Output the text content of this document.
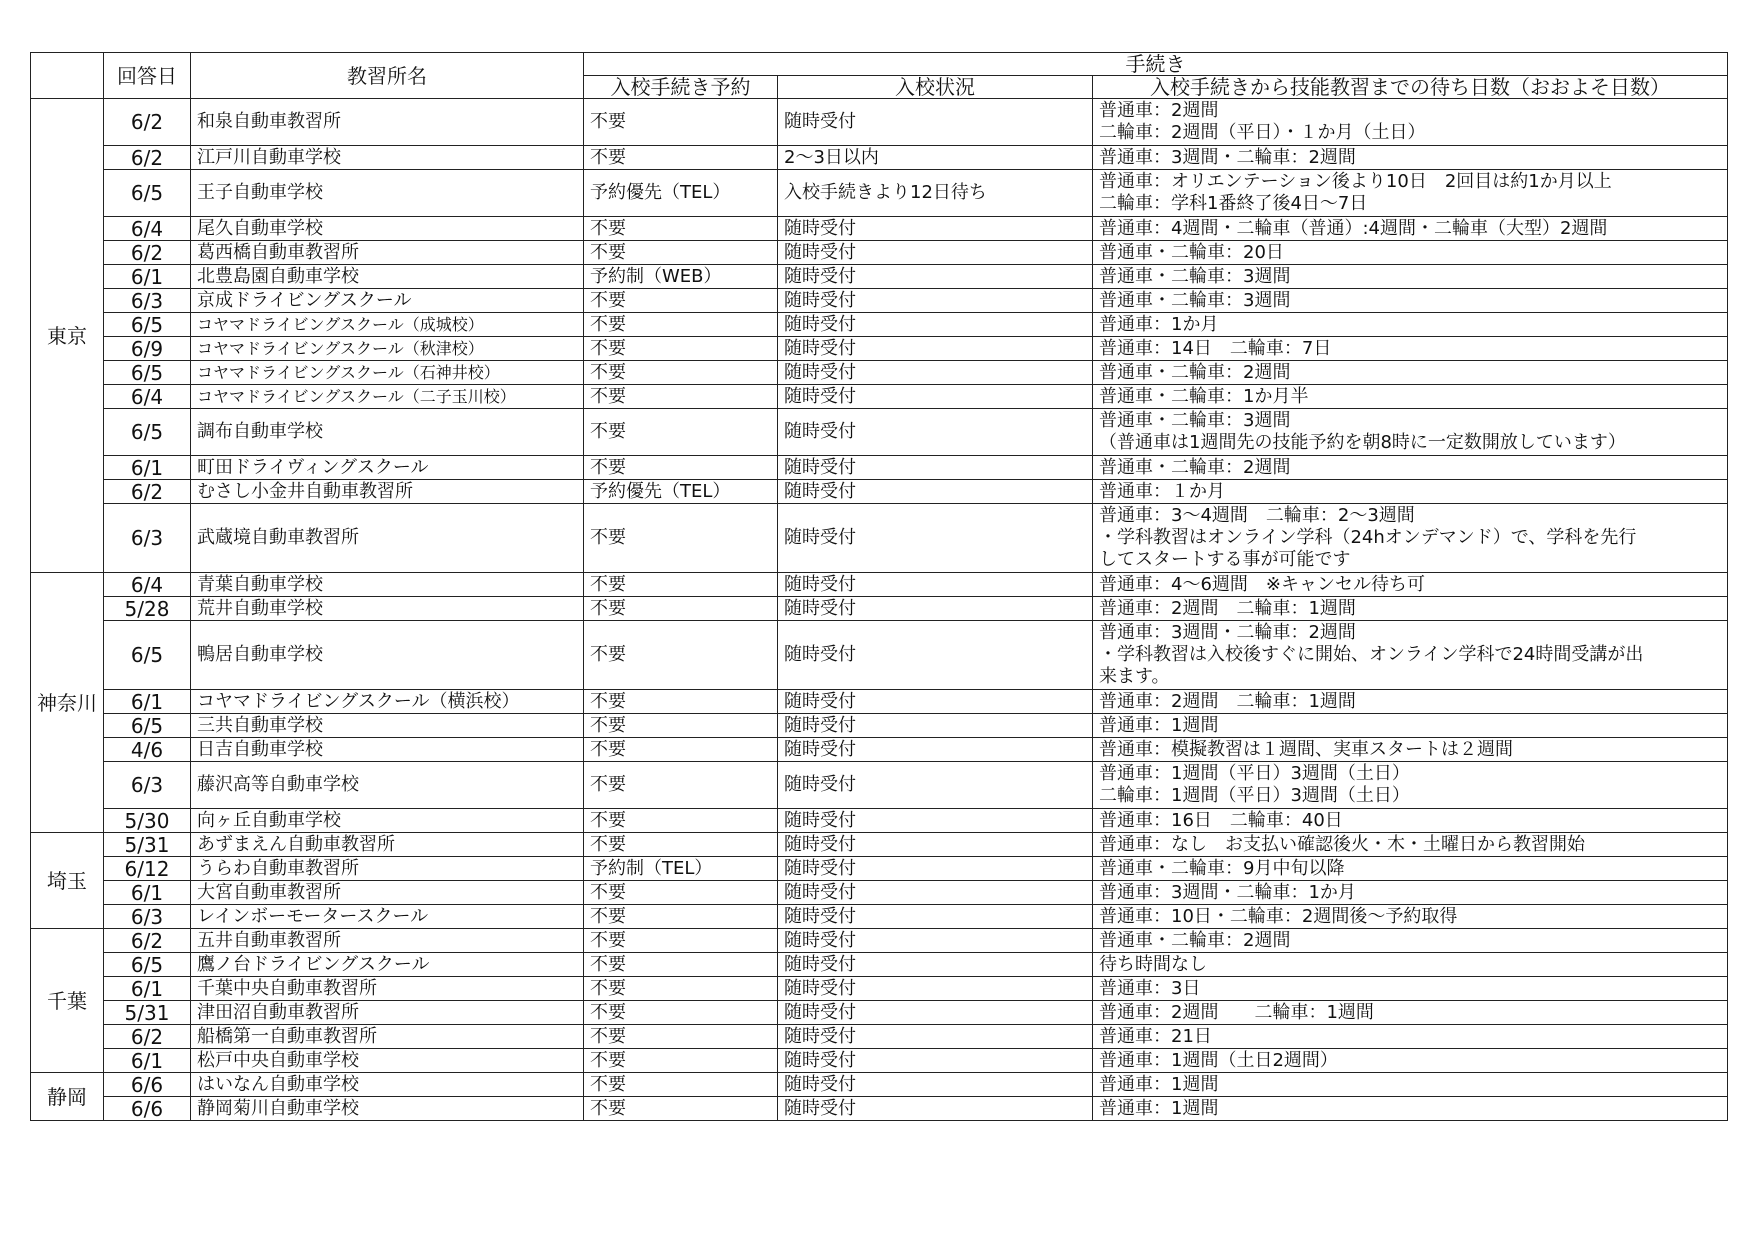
	回答日	教習所名	手続き		
			入校手続き予約	入校状況	入校手続きから技能教習までの待ち日数（おおよそ日数）
東京	6/2	和泉自動車教習所	不要	随時受付	普通車：2週間
二輪車：2週間（平日）・１か月（土日）
	6/2	江戸川自動車学校	不要	2～3日以内	普通車：3週間・二輪車：2週間
	6/5	王子自動車学校	予約優先（TEL）	入校手続きより12日待ち	普通車：オリエンテーション後より10日　2回目は約1か月以上
二輪車：学科1番終了後4日～7日
	6/4	尾久自動車学校	不要	随時受付	普通車：4週間・二輪車（普通）:4週間・二輪車（大型）2週間
	6/2	葛西橋自動車教習所	不要	随時受付	普通車・二輪車：20日
	6/1	北豊島園自動車学校	予約制（WEB）	随時受付	普通車・二輪車：3週間
	6/3	京成ドライビングスクール	不要	随時受付	普通車・二輪車：3週間
	6/5	コヤマドライビングスクール（成城校）	不要	随時受付	普通車：1か月
	6/9	コヤマドライビングスクール（秋津校）	不要	随時受付	普通車：14日　二輪車：7日
	6/5	コヤマドライビングスクール（石神井校）	不要	随時受付	普通車・二輪車：2週間
	6/4	コヤマドライビングスクール（二子玉川校）	不要	随時受付	普通車・二輪車：1か月半
	6/5	調布自動車学校	不要	随時受付	普通車・二輪車：3週間
（普通車は1週間先の技能予約を朝8時に一定数開放しています）
	6/1	町田ドライヴィングスクール	不要	随時受付	普通車・二輪車：2週間
	6/2	むさし小金井自動車教習所	予約優先（TEL）	随時受付	普通車：１か月
	6/3	武蔵境自動車教習所	不要	随時受付	普通車：3～4週間　二輪車：2～3週間
・学科教習はオンライン学科（24hオンデマンド）で、学科を先行
してスタートする事が可能です
神奈川	6/4	青葉自動車学校	不要	随時受付	普通車：4～6週間　※キャンセル待ち可
	5/28	荒井自動車学校	不要	随時受付	普通車：2週間　二輪車：1週間
	6/5	鴨居自動車学校	不要	随時受付	普通車：3週間・二輪車：2週間
・学科教習は入校後すぐに開始、オンライン学科で24時間受講が出
来ます。
	6/1	コヤマドライビングスクール（横浜校）	不要	随時受付	普通車：2週間　二輪車：1週間
	6/5	三共自動車学校	不要	随時受付	普通車：1週間
	4/6	日吉自動車学校	不要	随時受付	普通車：模擬教習は１週間、実車スタートは２週間
	6/3	藤沢高等自動車学校	不要	随時受付	普通車：1週間（平日）3週間（土日）
二輪車：1週間（平日）3週間（土日）
	5/30	向ヶ丘自動車学校	不要	随時受付	普通車：16日　二輪車：40日
埼玉	5/31	あずまえん自動車教習所	不要	随時受付	普通車：なし　お支払い確認後火・木・土曜日から教習開始
	6/12	うらわ自動車教習所	予約制（TEL）	随時受付	普通車・二輪車：9月中旬以降
	6/1	大宮自動車教習所	不要	随時受付	普通車：3週間・二輪車：1か月
	6/3	レインボーモータースクール	不要	随時受付	普通車：10日・二輪車：2週間後～予約取得
千葉	6/2	五井自動車教習所	不要	随時受付	普通車・二輪車：2週間
	6/5	鷹ノ台ドライビングスクール	不要	随時受付	待ち時間なし
	6/1	千葉中央自動車教習所	不要	随時受付	普通車：3日
	5/31	津田沼自動車教習所	不要	随時受付	普通車：2週間　　二輪車：1週間
	6/2	船橋第一自動車教習所	不要	随時受付	普通車：21日
	6/1	松戸中央自動車学校	不要	随時受付	普通車：1週間（土日2週間）
静岡	6/6	はいなん自動車学校	不要	随時受付	普通車：1週間
	6/6	静岡菊川自動車学校	不要	随時受付	普通車：1週間
